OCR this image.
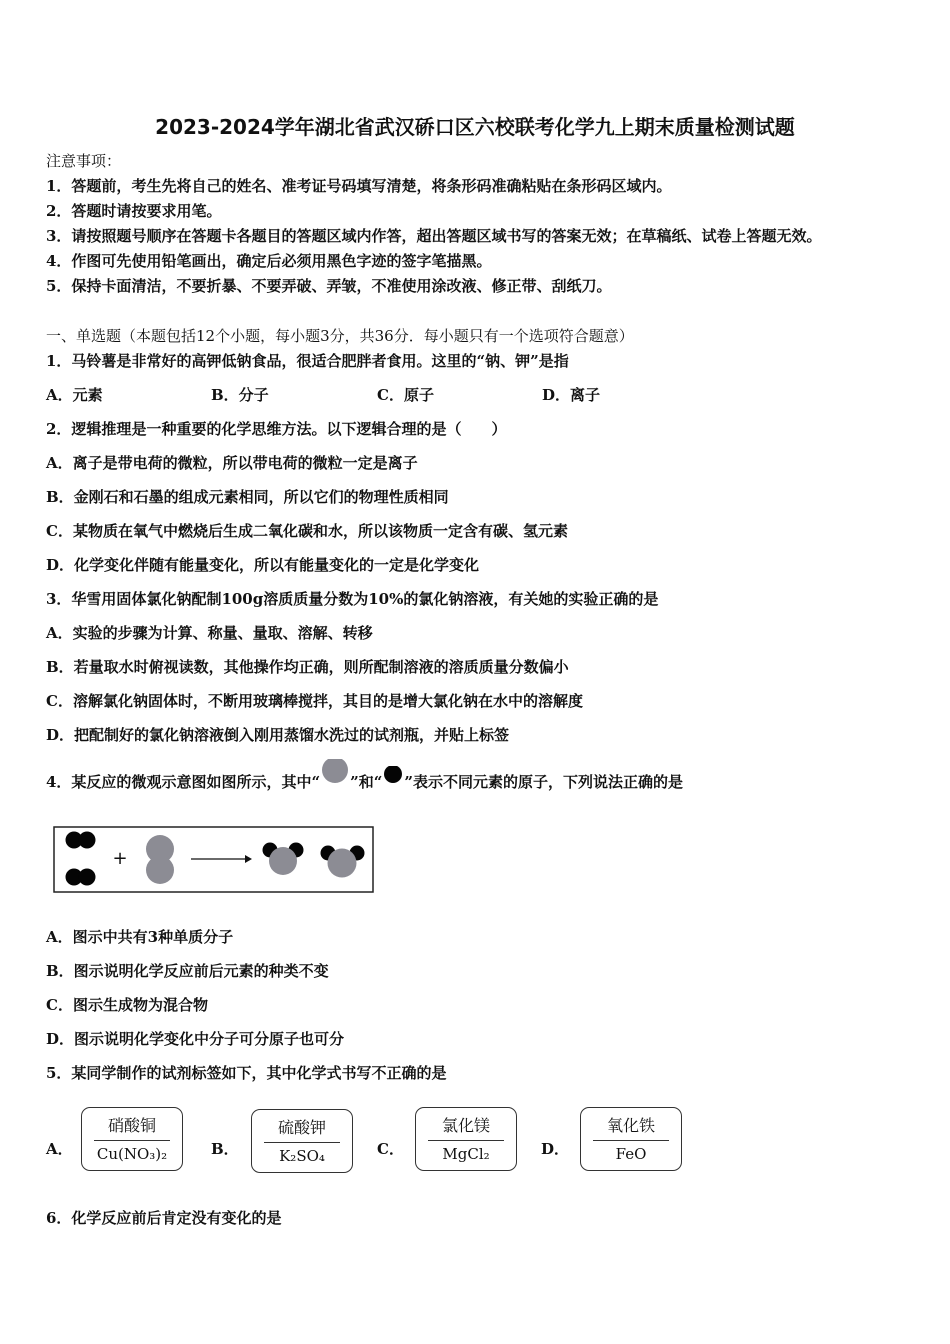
2023-2024学年湖北省武汉硚口区六校联考化学九上期末质量检测试题
注意事项：
1．答题前，考生先将自己的姓名、准考证号码填写清楚，将条形码准确粘贴在条形码区域内。
2．答题时请按要求用笔。
3．请按照题号顺序在答题卡各题目的答题区域内作答，超出答题区域书写的答案无效；在草稿纸、试卷上答题无效。
4．作图可先使用铅笔画出，确定后必须用黑色字迹的签字笔描黑。
5．保持卡面清洁，不要折暴、不要弄破、弄皱，不准使用涂改液、修正带、刮纸刀。
一、单选题（本题包括12个小题，每小题3分，共36分．每小题只有一个选项符合题意）
1．马铃薯是非常好的高钾低钠食品，很适合肥胖者食用。这里的“钠、钾”是指
A．元素	B．分子	C．原子	D．离子
2．逻辑推理是一种重要的化学思维方法。以下逻辑合理的是（　　）
A．离子是带电荷的微粒，所以带电荷的微粒一定是离子
B．金刚石和石墨的组成元素相同，所以它们的物理性质相同
C．某物质在氧气中燃烧后生成二氧化碳和水，所以该物质一定含有碳、氢元素
D．化学变化伴随有能量变化，所以有能量变化的一定是化学变化
3．华雪用固体氯化钠配制100g溶质质量分数为10%的氯化钠溶液，有关她的实验正确的是
A．实验的步骤为计算、称量、量取、溶解、转移
B．若量取水时俯视读数，其他操作均正确，则所配制溶液的溶质质量分数偏小
C．溶解氯化钠固体时，不断用玻璃棒搅拌，其目的是增大氯化钠在水中的溶解度
D．把配制好的氯化钠溶液倒入刚用蒸馏水洗过的试剂瓶，并贴上标签
4．某反应的微观示意图如图所示，其中“ ”和“ ”表示不同元素的原子，下列说法正确的是
+
A．图示中共有3种单质分子
B．图示说明化学反应前后元素的种类不变
C．图示生成物为混合物
D．图示说明化学变化中分子可分原子也可分
5．某同学制作的试剂标签如下，其中化学式书写不正确的是
A．
硝酸铜
Cu(NO₃)₂	B．
硫酸钾
K₂SO₄	C．
氯化镁
MgCl₂	D．
氧化铁
FeO
6．化学反应前后肯定没有变化的是
